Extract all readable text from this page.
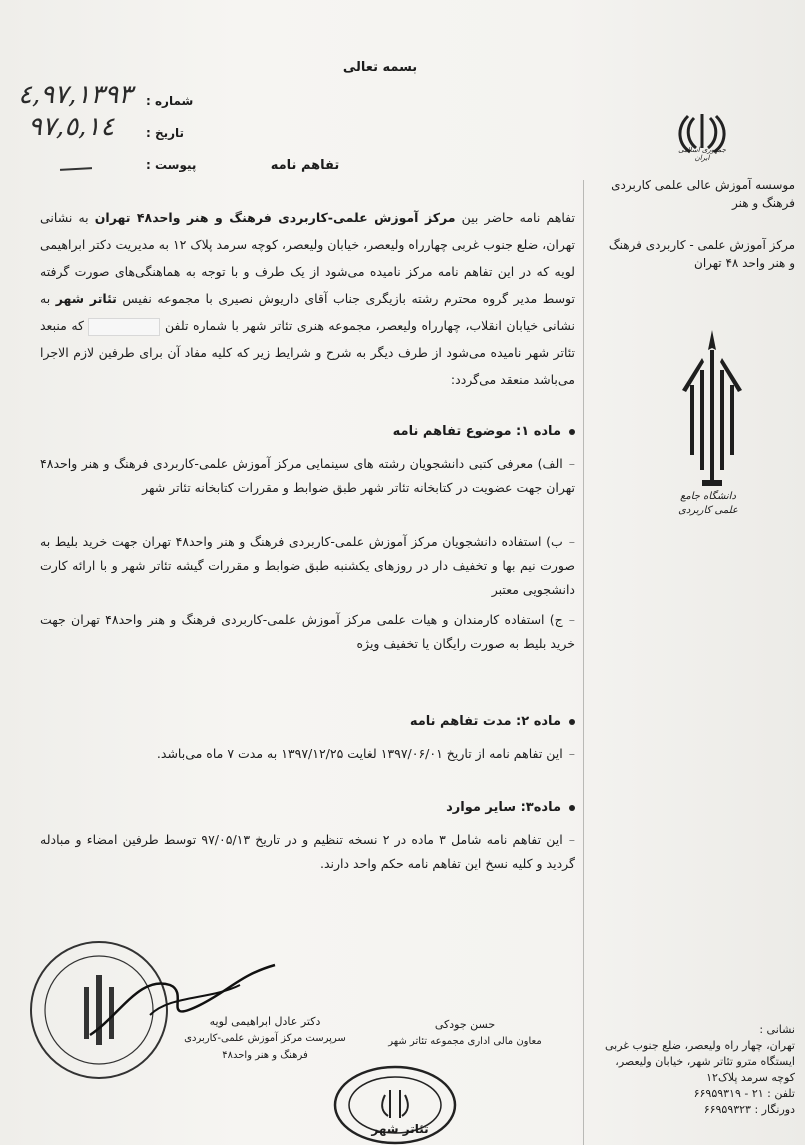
بسمه تعالی
شماره :
٤,٩٧,١٣٩٣
تاریخ :
٩٧,٥,١٤
پیوست :	تفاهم نامه
جمهوری اسلامی ایران
موسسه آموزش عالی علمی کاربردی فرهنگ و هنر
مرکز آموزش علمی - کاربردی فرهنگ و هنر واحد ۴۸ تهران
دانشگاه جامع
علمی کاربردی
نشانی :
تهران، چهار راه ولیعصر، ضلع جنوب غربی ایستگاه مترو تئاتر شهر، خیابان ولیعصر، کوچه سرمد پلاک۱۲
تلفن : ۲۱ - ۶۶۹۵۹۳۱۹
دورنگار : ۶۶۹۵۹۳۲۳
تفاهم نامه حاضر بین مرکز آموزش علمی-کاربردی فرهنگ و هنر واحد۴۸ تهران به نشانی تهران، ضلع جنوب غربی چهارراه ولیعصر، خیابان ولیعصر، کوچه سرمد پلاک ۱۲ به مدیریت دکتر ابراهیمی لویه که در این تفاهم نامه مرکز نامیده می‌شود از یک طرف و با توجه به هماهنگی‌های صورت گرفته توسط مدیر گروه محترم رشته بازیگری جناب آقای داریوش نصیری با مجموعه نفیس تئاتر شهر به نشانی خیابان انقلاب، چهارراه ولیعصر، مجموعه هنری تئاتر شهر با شماره تلفن  که منبعد تئاتر شهر نامیده می‌شود از طرف دیگر به شرح و شرایط زیر که کلیه مفاد آن برای طرفین لازم الاجرا می‌باشد منعقد می‌گردد:
ماده ۱: موضوع تفاهم نامه
–الف) معرفی کتبی دانشجویان رشته های سینمایی مرکز آموزش علمی-کاربردی فرهنگ و هنر واحد۴۸ تهران جهت عضویت در کتابخانه تئاتر شهر طبق ضوابط و مقررات کتابخانه تئاتر شهر
–ب) استفاده دانشجویان مرکز آموزش علمی-کاربردی فرهنگ و هنر واحد۴۸ تهران جهت خرید بلیط به صورت نیم بها و تخفیف دار در روزهای یکشنبه طبق ضوابط و مقررات گیشه تئاتر شهر و با ارائه کارت دانشجویی معتبر
–ج) استفاده کارمندان و هیات علمی مرکز آموزش علمی-کاربردی فرهنگ و هنر واحد۴۸ تهران جهت خرید بلیط به صورت رایگان یا تخفیف ویژه
ماده ۲: مدت تفاهم نامه
–این تفاهم نامه از تاریخ ۱۳۹۷/۰۶/۰۱ لغایت ۱۳۹۷/۱۲/۲۵ به مدت ۷ ماه می‌باشد.
ماده۳: سایر موارد
–این تفاهم نامه شامل ۳ ماده در ۲ نسخه تنظیم و در تاریخ ۹۷/۰۵/۱۳ توسط طرفین امضاء و مبادله گردید و کلیه نسخ این تفاهم نامه حکم واحد دارند.
دکتر عادل ابراهیمی لویه
سرپرست مرکز آموزش علمی-کاربردی فرهنگ و هنر واحد۴۸
حسن جودکی
معاون مالی اداری مجموعه تئاتر شهر
تئاتر شهر
